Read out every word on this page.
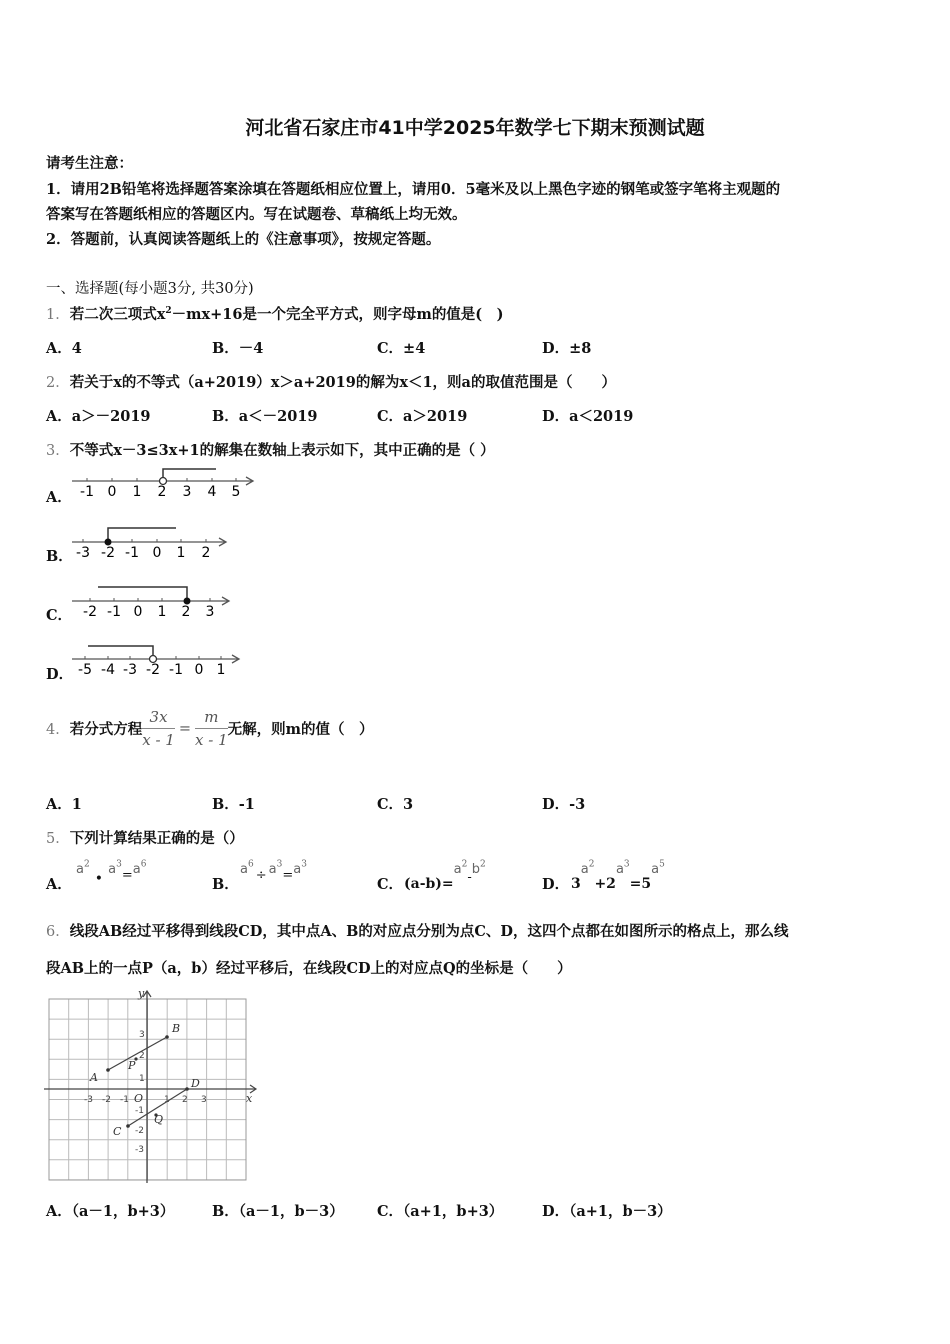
河北省石家庄市41中学2025年数学七下期末预测试题
请考生注意：
1．请用2B铅笔将选择题答案涂填在答题纸相应位置上，请用0．5毫米及以上黑色字迹的钢笔或签字笔将主观题的
答案写在答题纸相应的答题区内。写在试题卷、草稿纸上均无效。
2．答题前，认真阅读答题纸上的《注意事项》，按规定答题。
一、选择题(每小题3分, 共30分)
1．若二次三项式$x^2-mx+16$是一个完全平方式，则字母m的值是(　)
A．4	B．－4	C．±4	D．±8
2．若关于x的不等式（a+2019）x＞a+2019的解为x＜1，则a的取值范围是（　　）
A．a＞－2019	B．a＜－2019	C．a＞2019	D．a＜2019
3．不等式x－3≤3x+1的解集在数轴上表示如下，其中正确的是（ ）
A． -1 0 1 2 3 4 5
B． -3 -2 -1 0 1 2
C． -2 -1 0 1 2 3
D． -5 -4 -3 -2 -1 0 1
4．若分式方程 $\frac{3x}{x - 1} = \frac{m}{x - 1}$ 无解，则m的值（　）
A．1	B．-1	C．3	D．-3
5．下列计算结果正确的是（）
A．
$a^2$ • $a^3_=a^6$
B．
$a^6_\div$ $a^3_=a^3$
C． $(a-b)=a^2_-b^2$
D． $3a^2+2a^3=5a^5$
6．线段AB经过平移得到线段CD，其中点A、B的对应点分别为点C、D，这四个点都在如图所示的格点上，那么线
段AB上的一点P（a，b）经过平移后，在线段CD上的对应点Q的坐标是（　　）
x
y
O
A
B
C
D
P
Q
-3 -2 -1	1 2 3
3
2
1
-1
-2
-3
A．（a－1，b+3）	B．（a－1，b－3） C．（a+1，b+3）	D．（a+1，b－3）
